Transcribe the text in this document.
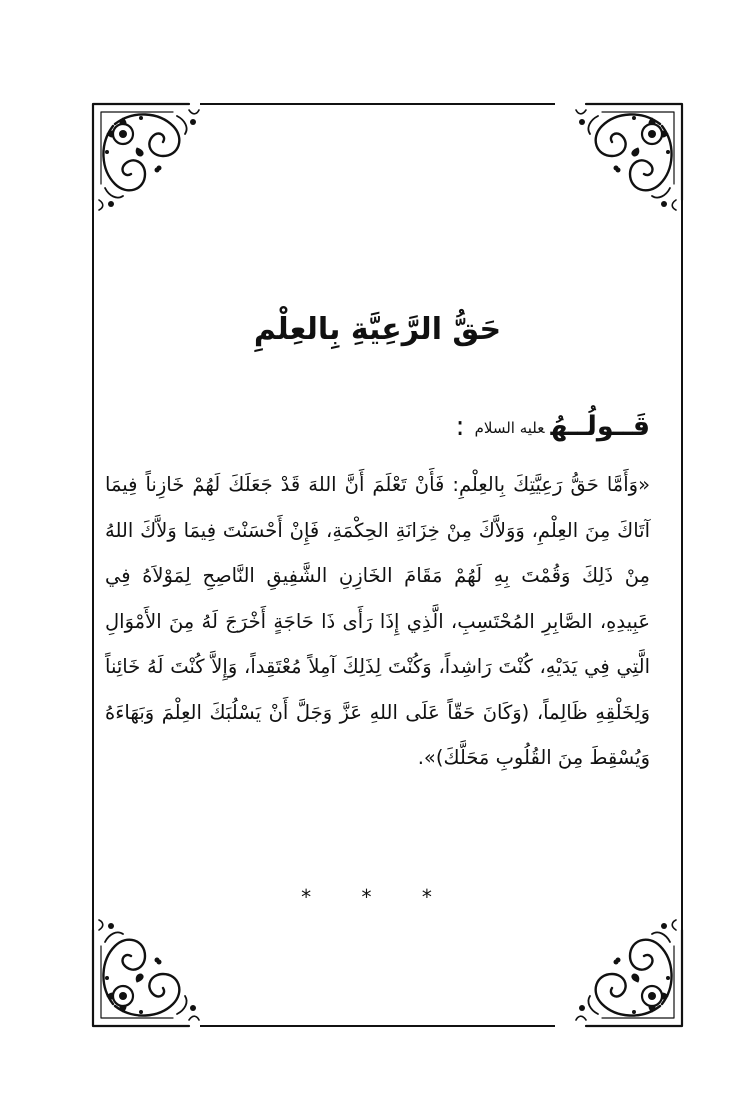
حَقُّ الرَّعِيَّةِ بِالعِلْمِ
قَــولُــهُعليه السلام:

«وَأَمَّا حَقُّ رَعِيَّتِكَ بِالعِلْمِ: فَأَنْ تَعْلَمَ أَنَّ اللهَ قَدْ جَعَلَكَ لَهُمْ خَازِناً فِيمَا آتَاكَ مِنَ العِلْمِ، وَوَلاَّكَ مِنْ خِزَانَةِ الحِكْمَةِ، فَإِنْ أَحْسَنْتَ فِيمَا وَلاَّكَ اللهُ مِنْ ذَلِكَ وَقُمْتَ بِهِ لَهُمْ مَقَامَ الخَازِنِ الشَّفِيقِ النَّاصِحِ لِمَوْلاَهُ فِي عَبِيدِهِ، الصَّابِرِ المُحْتَسِبِ، الَّذِي إِذَا رَأَى ذَا حَاجَةٍ أَخْرَجَ لَهُ مِنَ الأَمْوَالِ الَّتِي فِي يَدَيْهِ، كُنْتَ رَاشِداً، وَكُنْتَ لِذَلِكَ آمِلاً مُعْتَقِداً، وَإِلاَّ كُنْتَ لَهُ خَائِناً وَلِخَلْقِهِ ظَالِماً، (وَكَانَ حَقّاً عَلَى اللهِ عَزَّ وَجَلَّ أَنْ يَسْلُبَكَ العِلْمَ وَبَهَاءَهُ وَيُسْقِطَ مِنَ القُلُوبِ مَحَلَّكَ)».

* * *
